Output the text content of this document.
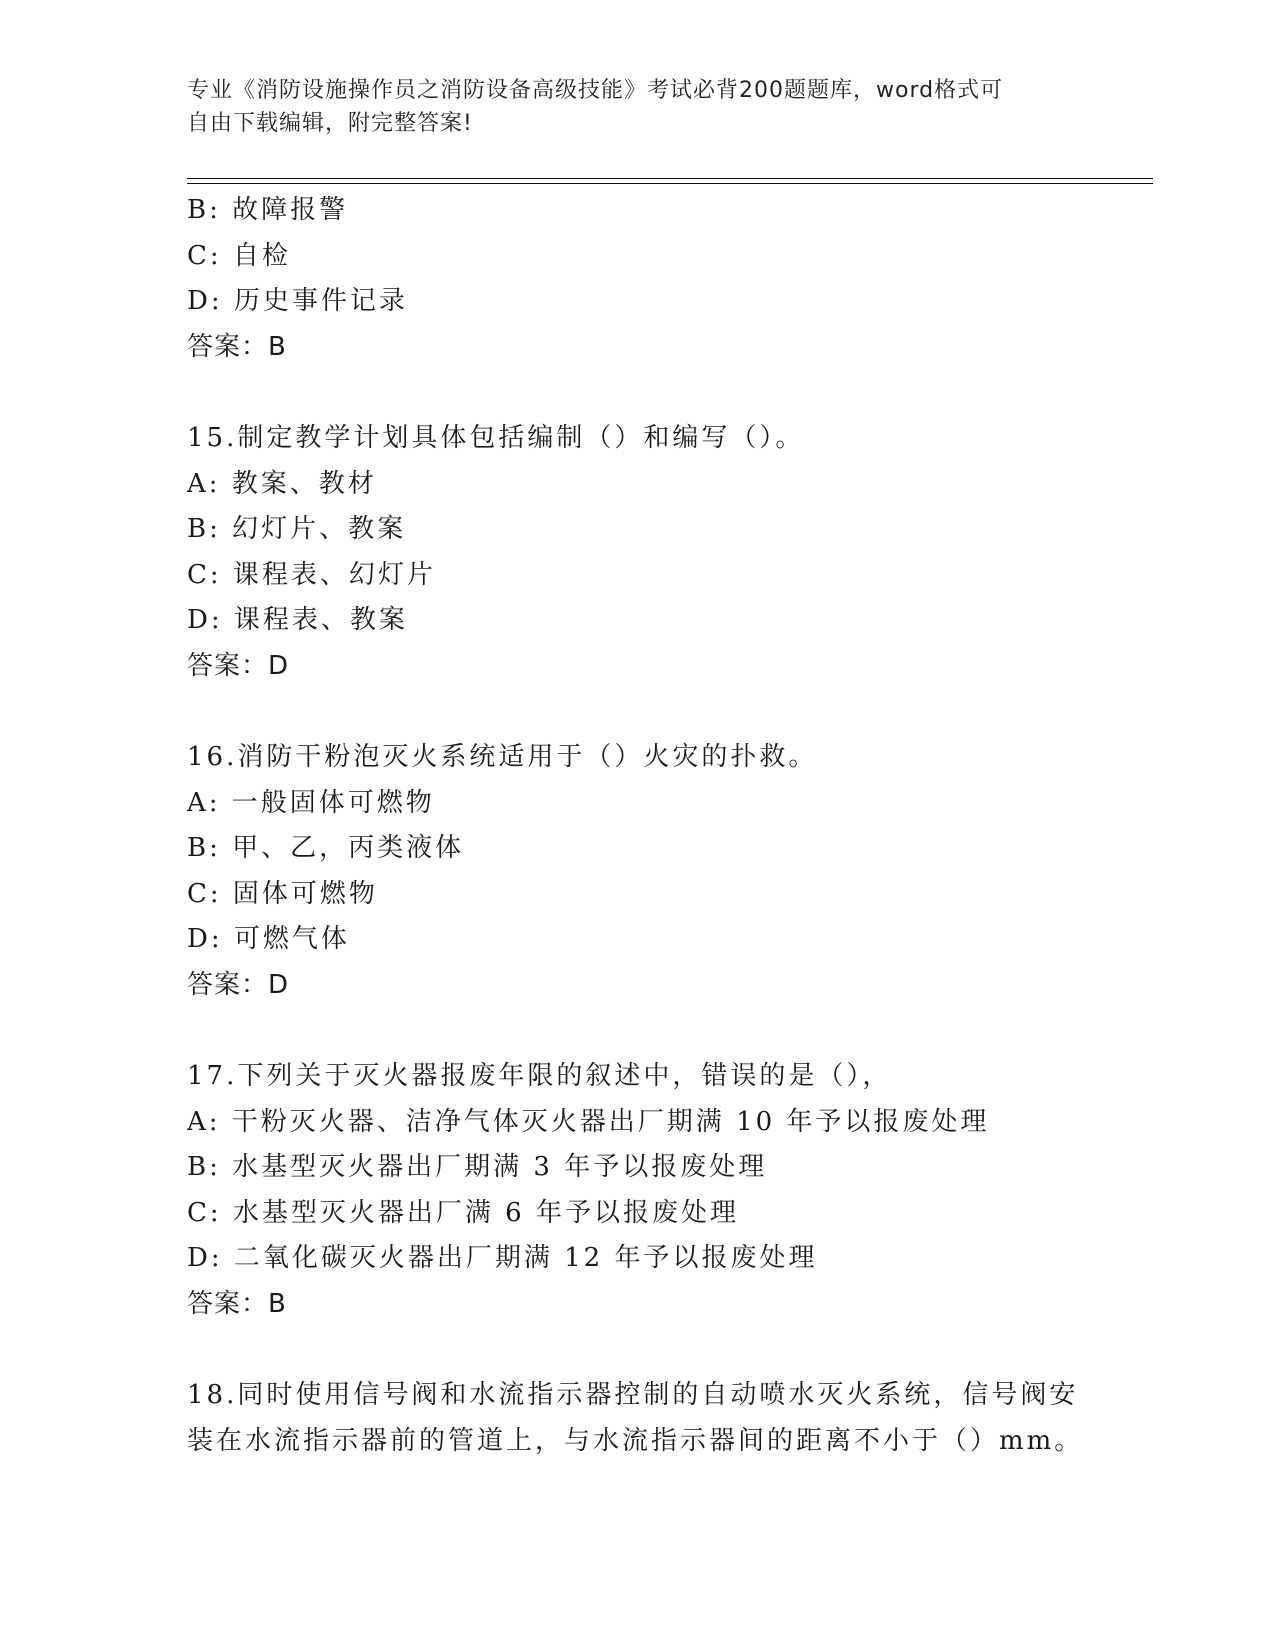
专业《消防设施操作员之消防设备高级技能》考试必背200题题库，word格式可
自由下载编辑，附完整答案!
B: 故障报警
C: 自检
D: 历史事件记录
答案：B
15.制定教学计划具体包括编制（）和编写（）。
A: 教案、教材
B: 幻灯片、教案
C: 课程表、幻灯片
D: 课程表、教案
答案：D
16.消防干粉泡灭火系统适用于（）火灾的扑救。
A: 一般固体可燃物
B: 甲、乙，丙类液体
C: 固体可燃物
D: 可燃气体
答案：D
17.下列关于灭火器报废年限的叙述中，错误的是（），
A: 干粉灭火器、洁净气体灭火器出厂期满 10 年予以报废处理
B: 水基型灭火器出厂期满 3 年予以报废处理
C: 水基型灭火器出厂满 6 年予以报废处理
D: 二氧化碳灭火器出厂期满 12 年予以报废处理
答案：B
18.同时使用信号阀和水流指示器控制的自动喷水灭火系统，信号阀安
装在水流指示器前的管道上，与水流指示器间的距离不小于（）mm。
